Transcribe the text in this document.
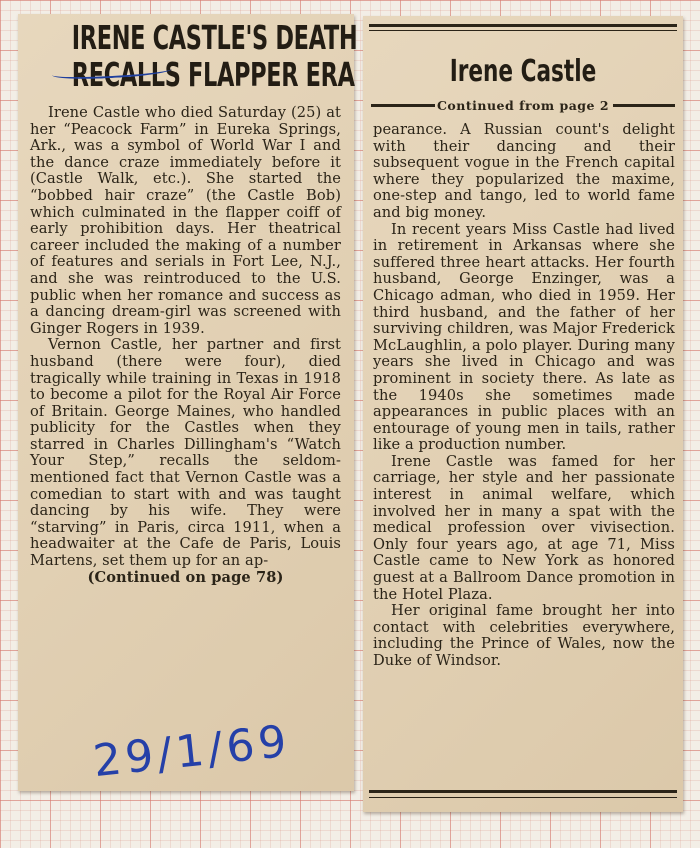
IRENE CASTLE'S DEATH
RECALLS FLAPPER ERA

Irene Castle who died Saturday (25) at her “Peacock Farm” in Eureka Springs, Ark., was a symbol of World War I and the dance craze immediately before it (Castle Walk, etc.). She started the “bobbed hair craze” (the Castle Bob) which culminated in the flapper coiff of early prohibition days. Her theatrical career included the making of a number of features and serials in Fort Lee, N.J., and she was reintroduced to the U.S. public when her romance and success as a dancing dream-girl was screened with Ginger Rogers in 1939.

Vernon Castle, her partner and first husband (there were four), died tragically while training in Texas in 1918 to become a pilot for the Royal Air Force of Britain. George Maines, who handled publicity for the Castles when they starred in Charles Dillingham's “Watch Your Step,” recalls the seldom-mentioned fact that Vernon Castle was a comedian to start with and was taught dancing by his wife. They were “starving” in Paris, circa 1911, when a headwaiter at the Cafe de Paris, Louis Martens, set them up for an ap-

(Continued on page 78)

29/1/69
Irene Castle
Continued from page 2

pearance. A Russian count's delight with their dancing and their subsequent vogue in the French capital where they popularized the maxime, one-step and tango, led to world fame and big money.

In recent years Miss Castle had lived in retirement in Arkansas where she suffered three heart attacks. Her fourth husband, George Enzinger, was a Chicago adman, who died in 1959. Her third husband, and the father of her surviving children, was Major Frederick McLaughlin, a polo player. During many years she lived in Chicago and was prominent in society there. As late as the 1940s she sometimes made appearances in public places with an entourage of young men in tails, rather like a production number.

Irene Castle was famed for her carriage, her style and her passionate interest in animal welfare, which involved her in many a spat with the medical profession over vivisection. Only four years ago, at age 71, Miss Castle came to New York as honored guest at a Ballroom Dance promotion in the Hotel Plaza.

Her original fame brought her into contact with celebrities everywhere, including the Prince of Wales, now the Duke of Windsor.
